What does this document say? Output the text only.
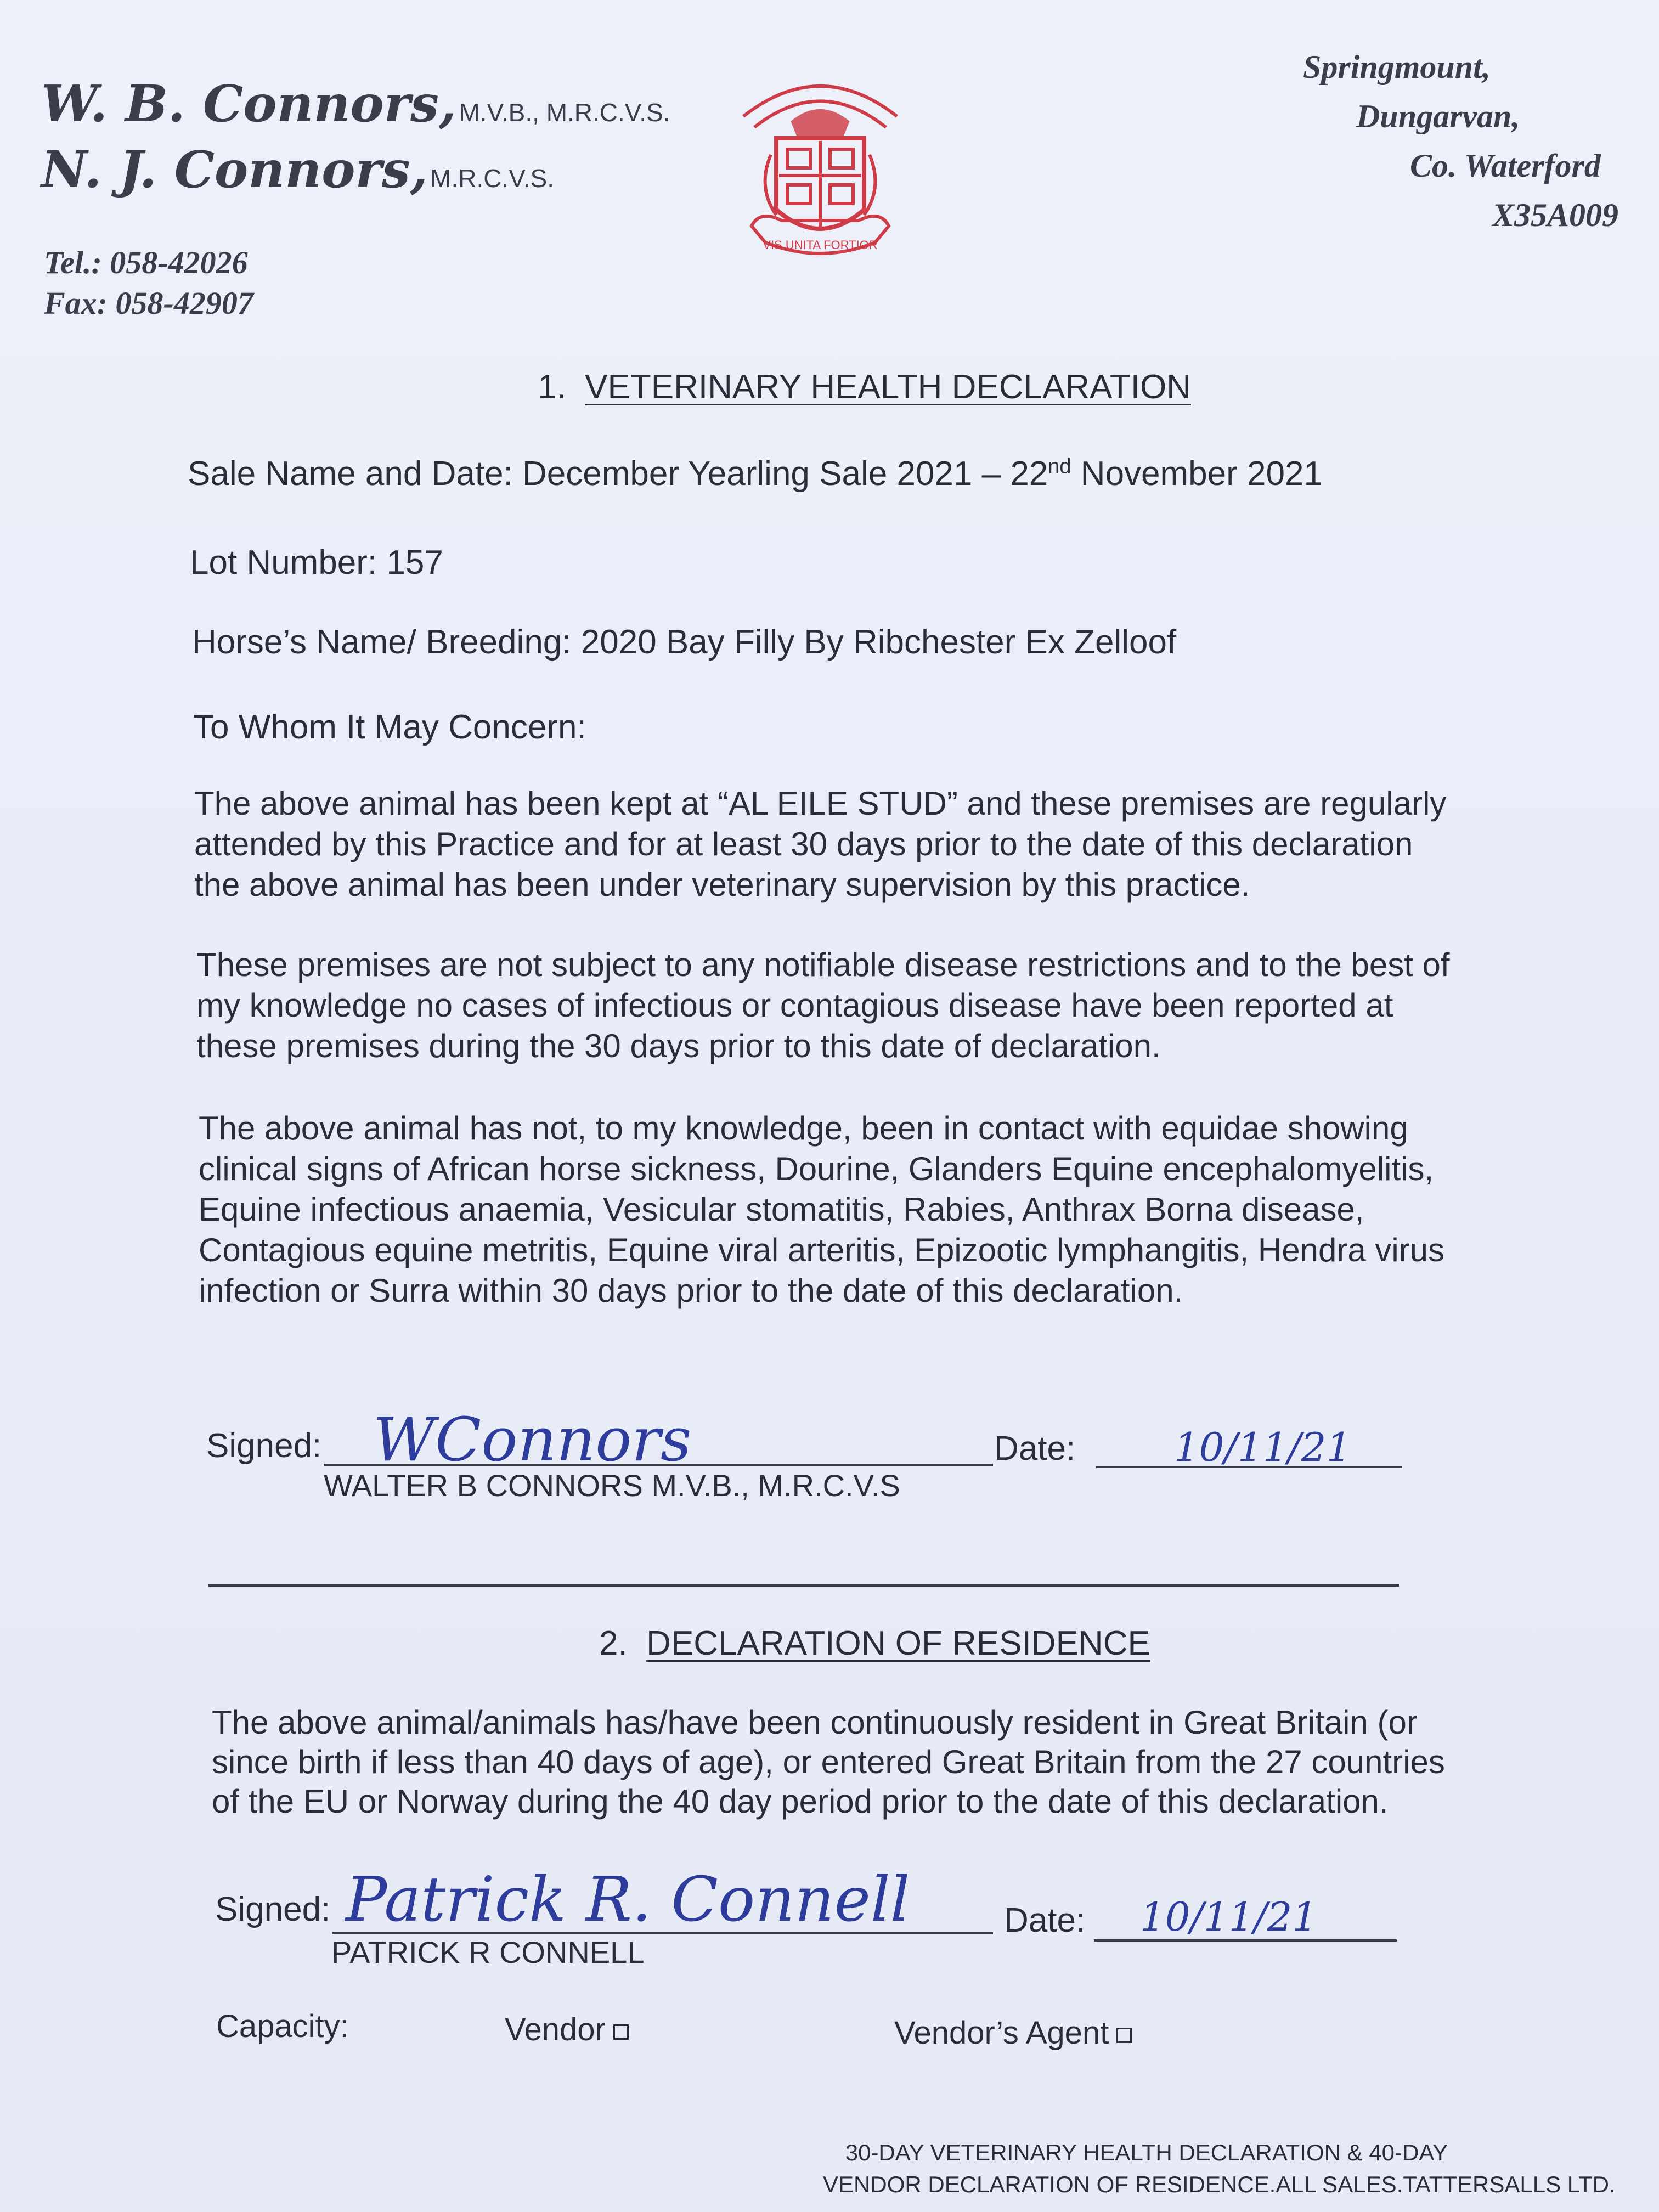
W. B. Connors, M.V.B., M.R.C.V.S.
N. J. Connors, M.R.C.V.S.
Tel.: 058-42026
Fax: 058-42907
VIS UNITA FORTIOR
Springmount,
Dungarvan,
Co. Waterford
X35A009
1. VETERINARY HEALTH DECLARATION
Sale Name and Date: December Yearling Sale 2021 – 22nd November 2021
Lot Number: 157
Horse’s Name/ Breeding: 2020 Bay Filly By Ribchester Ex Zelloof
To Whom It May Concern:
The above animal has been kept at “AL EILE STUD” and these premises are regularly attended by this Practice and for at least 30 days prior to the date of this declaration the above animal has been under veterinary supervision by this practice.
These premises are not subject to any notifiable disease restrictions and to the best of my knowledge no cases of infectious or contagious disease have been reported at these premises during the 30 days prior to this date of declaration.
The above animal has not, to my knowledge, been in contact with equidae showing clinical signs of African horse sickness, Dourine, Glanders Equine encephalomyelitis, Equine infectious anaemia, Vesicular stomatitis, Rabies, Anthrax Borna disease, Contagious equine metritis, Equine viral arteritis, Epizootic lymphangitis, Hendra virus infection or Surra within 30 days prior to the date of this declaration.
Signed: WConnors	Date: 10/11/21
WALTER B CONNORS M.V.B., M.R.C.V.S
2. DECLARATION OF RESIDENCE
The above animal/animals has/have been continuously resident in Great Britain (or since birth if less than 40 days of age), or entered Great Britain from the 27 countries of the EU or Norway during the 40 day period prior to the date of this declaration.
Signed: Patrick R. Connell	Date: 10/11/21
PATRICK R CONNELL
Capacity:	Vendor	Vendor’s Agent
30-DAY VETERINARY HEALTH DECLARATION & 40-DAY
VENDOR DECLARATION OF RESIDENCE.ALL SALES.TATTERSALLS LTD.
